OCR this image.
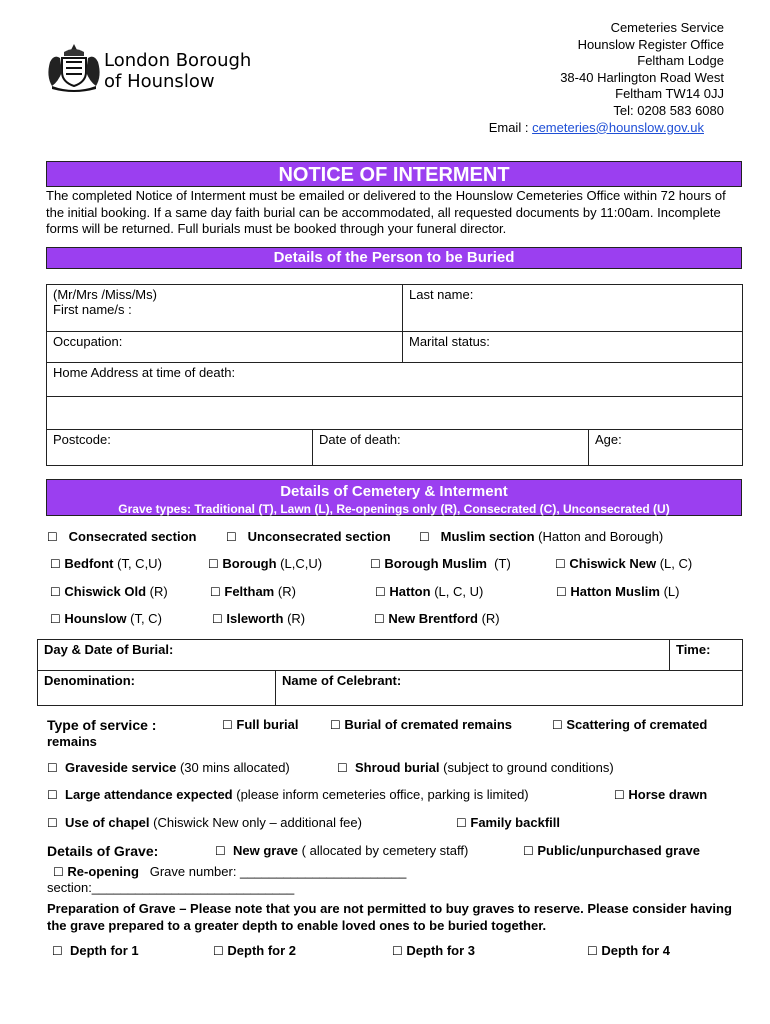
London Borough
of Hounslow
Cemeteries Service
Hounslow Register Office
Feltham Lodge
38-40 Harlington Road West
Feltham TW14 0JJ
Tel: 0208 583 6080
Email : cemeteries@hounslow.gov.uk
NOTICE OF INTERMENT
The completed Notice of Interment must be emailed or delivered to the Hounslow Cemeteries Office within 72 hours of the initial booking. If a same day faith burial can be accommodated, all requested documents by 11:00am. Incomplete forms will be returned. Full burials must be booked through your funeral director.
Details of the Person to be Buried
(Mr/Mrs /Miss/Ms)
First name/s :	Last name:

Occupation:	Marital status:
Home Address at time of death:

Postcode:	Date of death:	Age:
Details of Cemetery & Interment
Grave types: Traditional (T), Lawn (L), Re-openings only (R), Consecrated (C), Unconsecrated (U)
☐ Consecrated section ☐ Unconsecrated section ☐ Muslim section (Hatton and Borough)
☐ Bedfont (T, C,U)	☐ Borough (L,C,U)	☐ Borough Muslim (T)	☐ Chiswick New (L, C)
☐ Chiswick Old (R)	☐ Feltham (R)	☐ Hatton (L, C, U)	☐ Hatton Muslim (L)
☐ Hounslow (T, C)	☐ Isleworth (R)	☐ New Brentford (R)
Day & Date of Burial:		Time:
Denomination:	Name of Celebrant:	
Type of service :	☐ Full burial	☐ Burial of cremated remains	☐ Scattering of cremated
remains
☐ Graveside service (30 mins allocated)	☐ Shroud burial (subject to ground conditions)
☐ Large attendance expected (please inform cemeteries office, parking is limited)	☐ Horse drawn
☐ Use of chapel (Chiswick New only – additional fee)	☐ Family backfill
Details of Grave:	☐ New grave ( allocated by cemetery staff)	☐ Public/unpurchased grave
☐ Re-opening Grave number: _______________________
section:____________________________
Preparation of Grave – Please note that you are not permitted to buy graves to reserve. Please consider having the grave prepared to a greater depth to enable loved ones to be buried together.
☐ Depth for 1	☐ Depth for 2	☐ Depth for 3	☐ Depth for 4
